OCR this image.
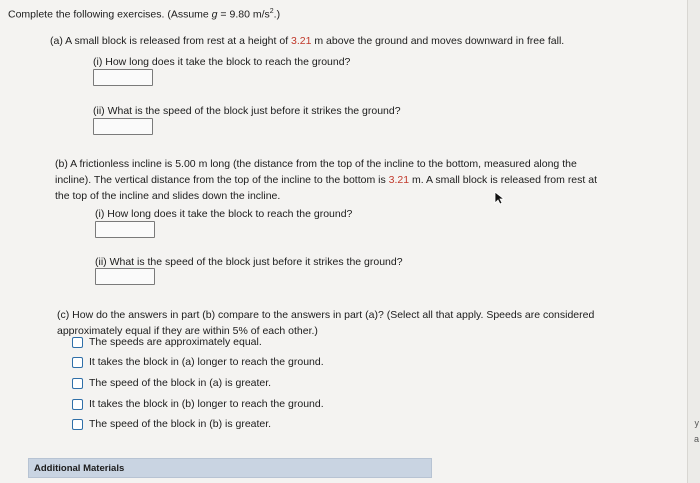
Complete the following exercises. (Assume g = 9.80 $m/s^2$.)
(a) A small block is released from rest at a height of 3.21 m above the ground and moves downward in free fall.
(i) How long does it take the block to reach the ground?
(ii) What is the speed of the block just before it strikes the ground?
(b) A frictionless incline is 5.00 m long (the distance from the top of the incline to the bottom, measured along the
incline). The vertical distance from the top of the incline to the bottom is 3.21 m. A small block is released from rest at
the top of the incline and slides down the incline.
(i) How long does it take the block to reach the ground?
(ii) What is the speed of the block just before it strikes the ground?
(c) How do the answers in part (b) compare to the answers in part (a)? (Select all that apply. Speeds are considered
approximately equal if they are within 5% of each other.)
The speeds are approximately equal.
It takes the block in (a) longer to reach the ground.
The speed of the block in (a) is greater.
It takes the block in (b) longer to reach the ground.
The speed of the block in (b) is greater.
Additional Materials
y
a
